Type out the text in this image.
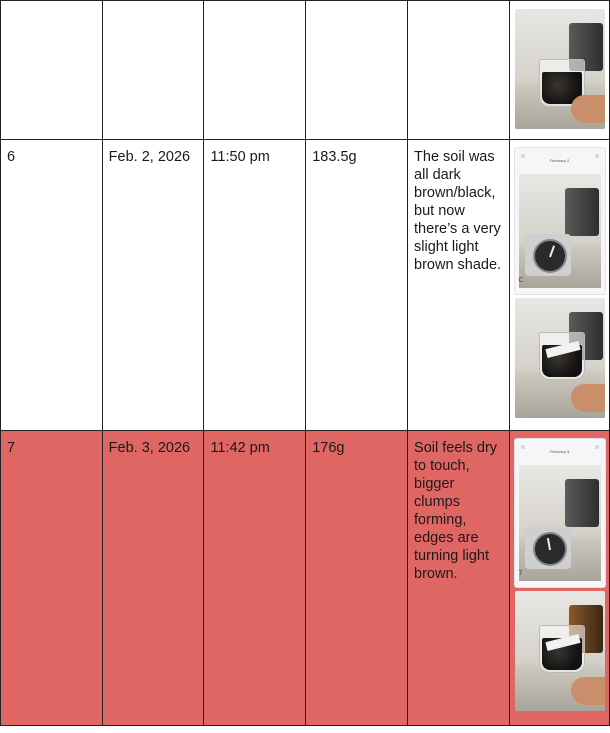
6	Feb. 2, 2026	11:50 pm	183.5g	The soil was all dark brown/black, but now there’s a very slight light brown shade.	February 2
C

7	Feb. 3, 2026	11:42 pm	176g	Soil feels dry to touch, bigger clumps forming, edges are turning light brown.	February 3
7
